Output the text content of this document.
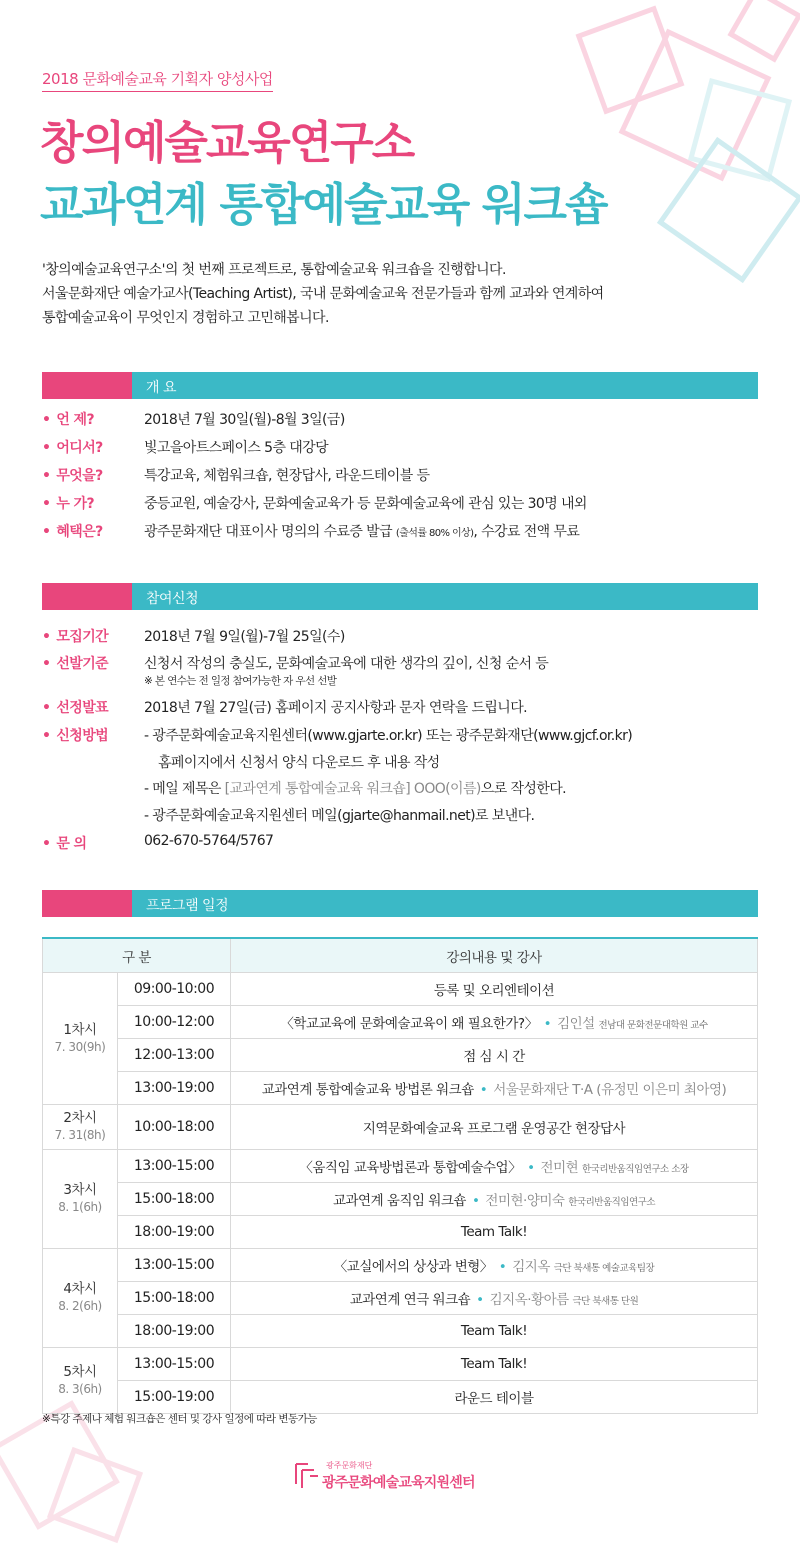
2018 문화예술교육 기획자 양성사업
창의예술교육연구소
교과연계 통합예술교육 워크숍
'창의예술교육연구소'의 첫 번째 프로젝트로, 통합예술교육 워크숍을 진행합니다.
서울문화재단 예술가교사(Teaching Artist), 국내 문화예술교육 전문가들과 함께 교과와 연계하여
통합예술교육이 무엇인지 경험하고 고민해봅니다.
개 요
• 언 제?	2018년 7월 30일(월)-8월 3일(금)
• 어디서?	빛고을아트스페이스 5층 대강당
• 무엇을?	특강교육, 체험워크숍, 현장답사, 라운드테이블 등
• 누 가?	중등교원, 예술강사, 문화예술교육가 등 문화예술교육에 관심 있는 30명 내외
• 혜택은?	광주문화재단 대표이사 명의의 수료증 발급 (출석률 80% 이상), 수강료 전액 무료
참여신청
• 모집기간	2018년 7월 9일(월)-7월 25일(수)
• 선발기준	신청서 작성의 충실도, 문화예술교육에 대한 생각의 깊이, 신청 순서 등
※ 본 연수는 전 일정 참여가능한 자 우선 선발
• 선정발표	2018년 7월 27일(금) 홈페이지 공지사항과 문자 연락을 드립니다.
• 신청방법	- 광주문화예술교육지원센터(www.gjarte.or.kr) 또는 광주문화재단(www.gjcf.or.kr)
홈페이지에서 신청서 양식 다운로드 후 내용 작성
- 메일 제목은 [교과연계 통합예술교육 워크숍] OOO(이름)으로 작성한다.
- 광주문화예술교육지원센터 메일(gjarte@hanmail.net)로 보낸다.
• 문 의	062-670-5764/5767
프로그램 일정
구 분		강의내용 및 강사

1차시
7. 30(9h)	09:00-10:00	등록 및 오리엔테이션
	10:00-12:00	〈학교교육에 문화예술교육이 왜 필요한가?〉 • 김인설 전남대 문화전문대학원 교수
	12:00-13:00	점 심 시 간
	13:00-19:00	교과연계 통합예술교육 방법론 워크숍 • 서울문화재단 T·A (유정민 이은미 최아영)

2차시
7. 31(8h)	10:00-18:00	지역문화예술교육 프로그램 운영공간 현장답사

3차시
8. 1(6h)	13:00-15:00	〈움직임 교육방법론과 통합예술수업〉 • 전미현 한국리반움직임연구소 소장
	15:00-18:00	교과연계 움직임 워크숍 • 전미현·양미숙 한국리반움직임연구소
	18:00-19:00	Team Talk!

4차시
8. 2(6h)	13:00-15:00	〈교실에서의 상상과 변형〉 • 김지옥 극단 북새통 예술교육팀장
	15:00-18:00	교과연계 연극 워크숍 • 김지옥·황아름 극단 북새통 단원
	18:00-19:00	Team Talk!

5차시
8. 3(6h)	13:00-15:00	Team Talk!
	15:00-19:00	라운드 테이블
※특강 주제나 체험 워크숍은 센터 및 강사 일정에 따라 변동가능
광주문화재단
광주문화예술교육지원센터
